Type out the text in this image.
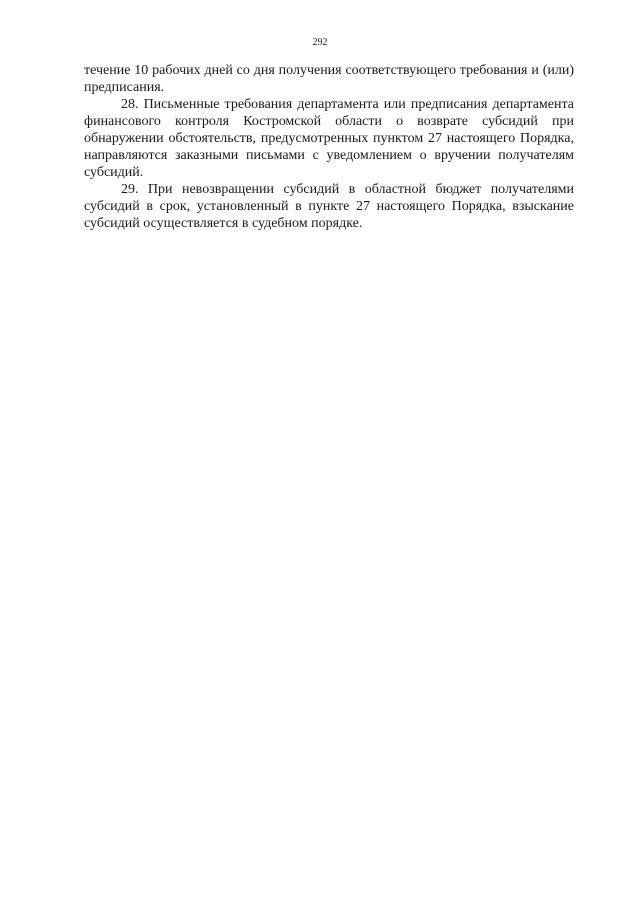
292

течение 10 рабочих дней со дня получения соответствующего требования и (или) предписания.

28. Письменные требования департамента или предписания департамента финансового контроля Костромской области о возврате субсидий при обнаружении обстоятельств, предусмотренных пунктом 27 настоящего Порядка, направляются заказными письмами с уведомлением о вручении получателям субсидий.

29. При невозвращении субсидий в областной бюджет получателями субсидий в срок, установленный в пункте 27 настоящего Порядка, взыскание субсидий осуществляется в судебном порядке.
